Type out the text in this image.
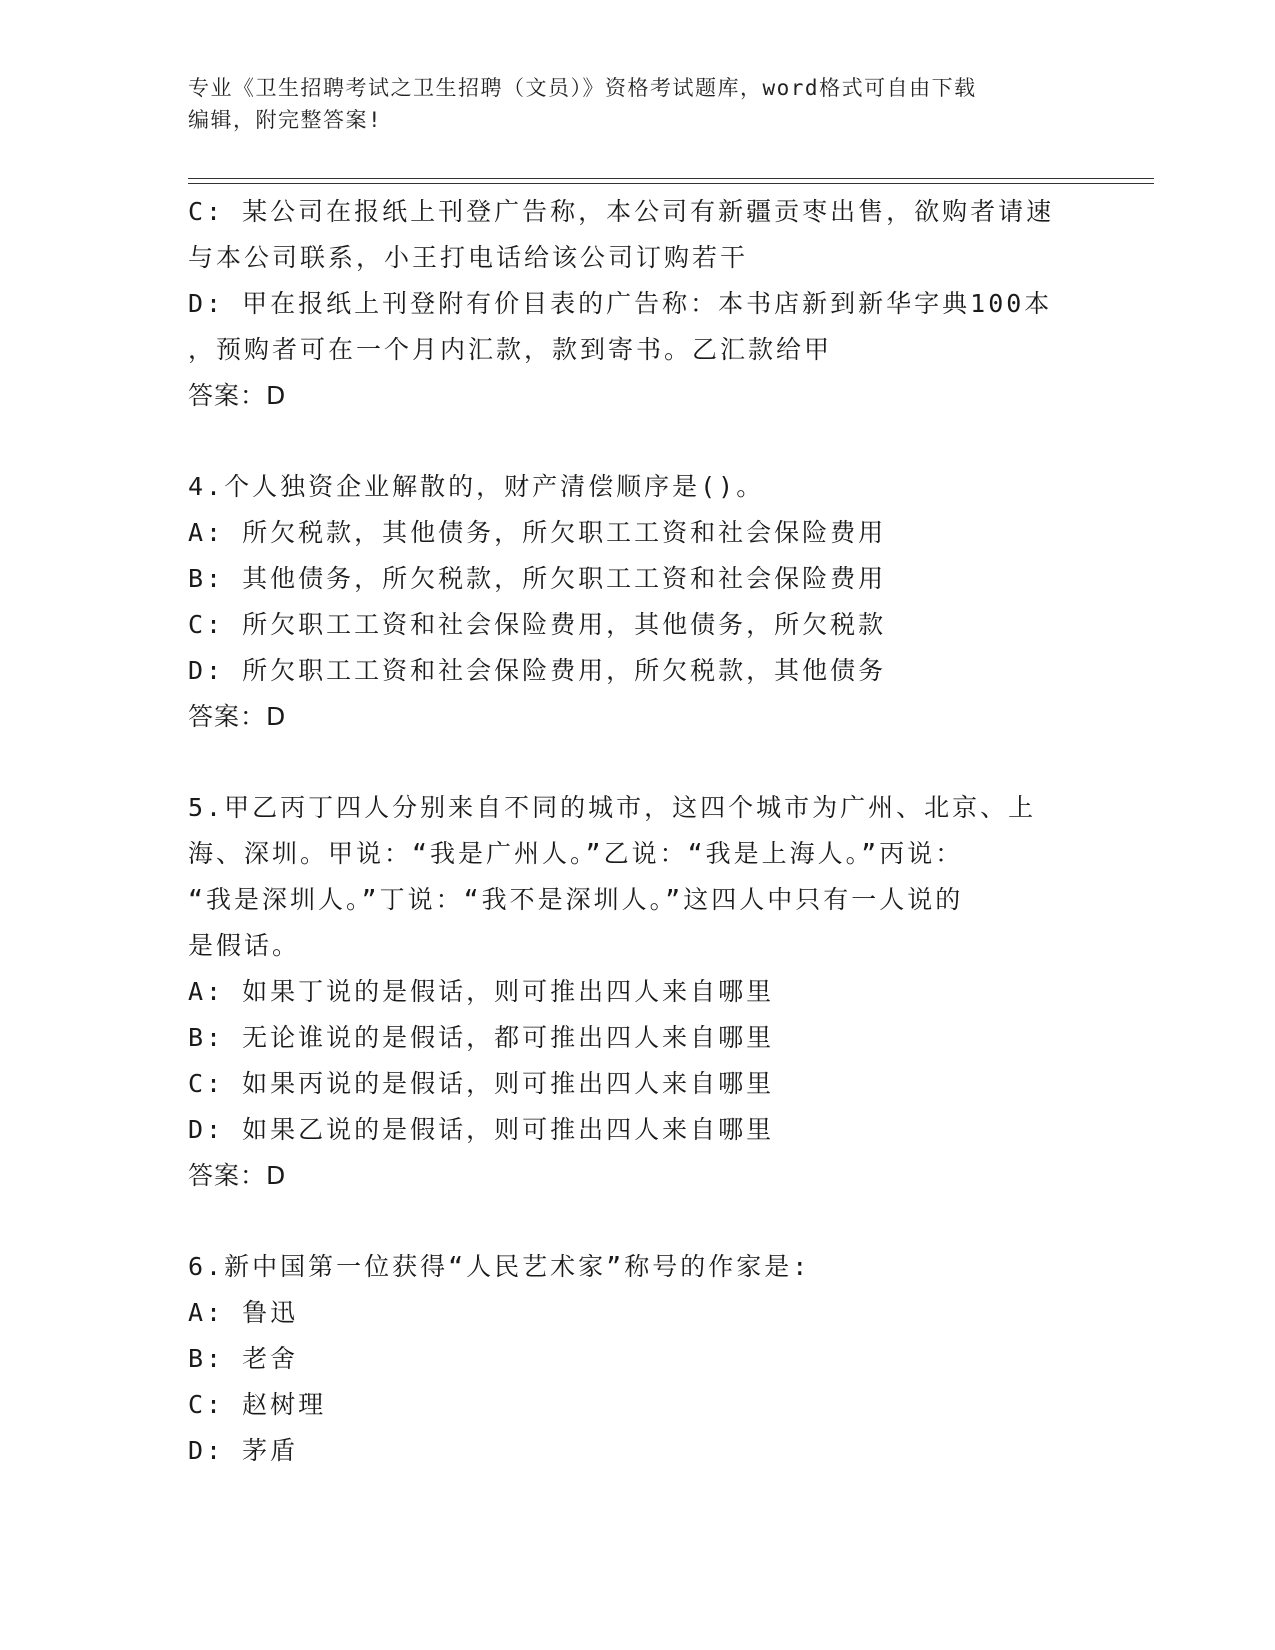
专业《卫生招聘考试之卫生招聘（文员）》资格考试题库，word格式可自由下载
编辑，附完整答案!
C: 某公司在报纸上刊登广告称，本公司有新疆贡枣出售，欲购者请速
与本公司联系，小王打电话给该公司订购若干
D: 甲在报纸上刊登附有价目表的广告称：本书店新到新华字典100本
，预购者可在一个月内汇款，款到寄书。乙汇款给甲
答案：D
4.个人独资企业解散的，财产清偿顺序是()。
A: 所欠税款，其他债务，所欠职工工资和社会保险费用
B: 其他债务，所欠税款，所欠职工工资和社会保险费用
C: 所欠职工工资和社会保险费用，其他债务，所欠税款
D: 所欠职工工资和社会保险费用，所欠税款，其他债务
答案：D
5.甲乙丙丁四人分别来自不同的城市，这四个城市为广州、北京、上
海、深圳。甲说：“我是广州人。”乙说：“我是上海人。”丙说：
“我是深圳人。”丁说：“我不是深圳人。”这四人中只有一人说的
是假话。
A: 如果丁说的是假话，则可推出四人来自哪里
B: 无论谁说的是假话，都可推出四人来自哪里
C: 如果丙说的是假话，则可推出四人来自哪里
D: 如果乙说的是假话，则可推出四人来自哪里
答案：D
6.新中国第一位获得“人民艺术家”称号的作家是:
A: 鲁迅
B: 老舍
C: 赵树理
D: 茅盾
